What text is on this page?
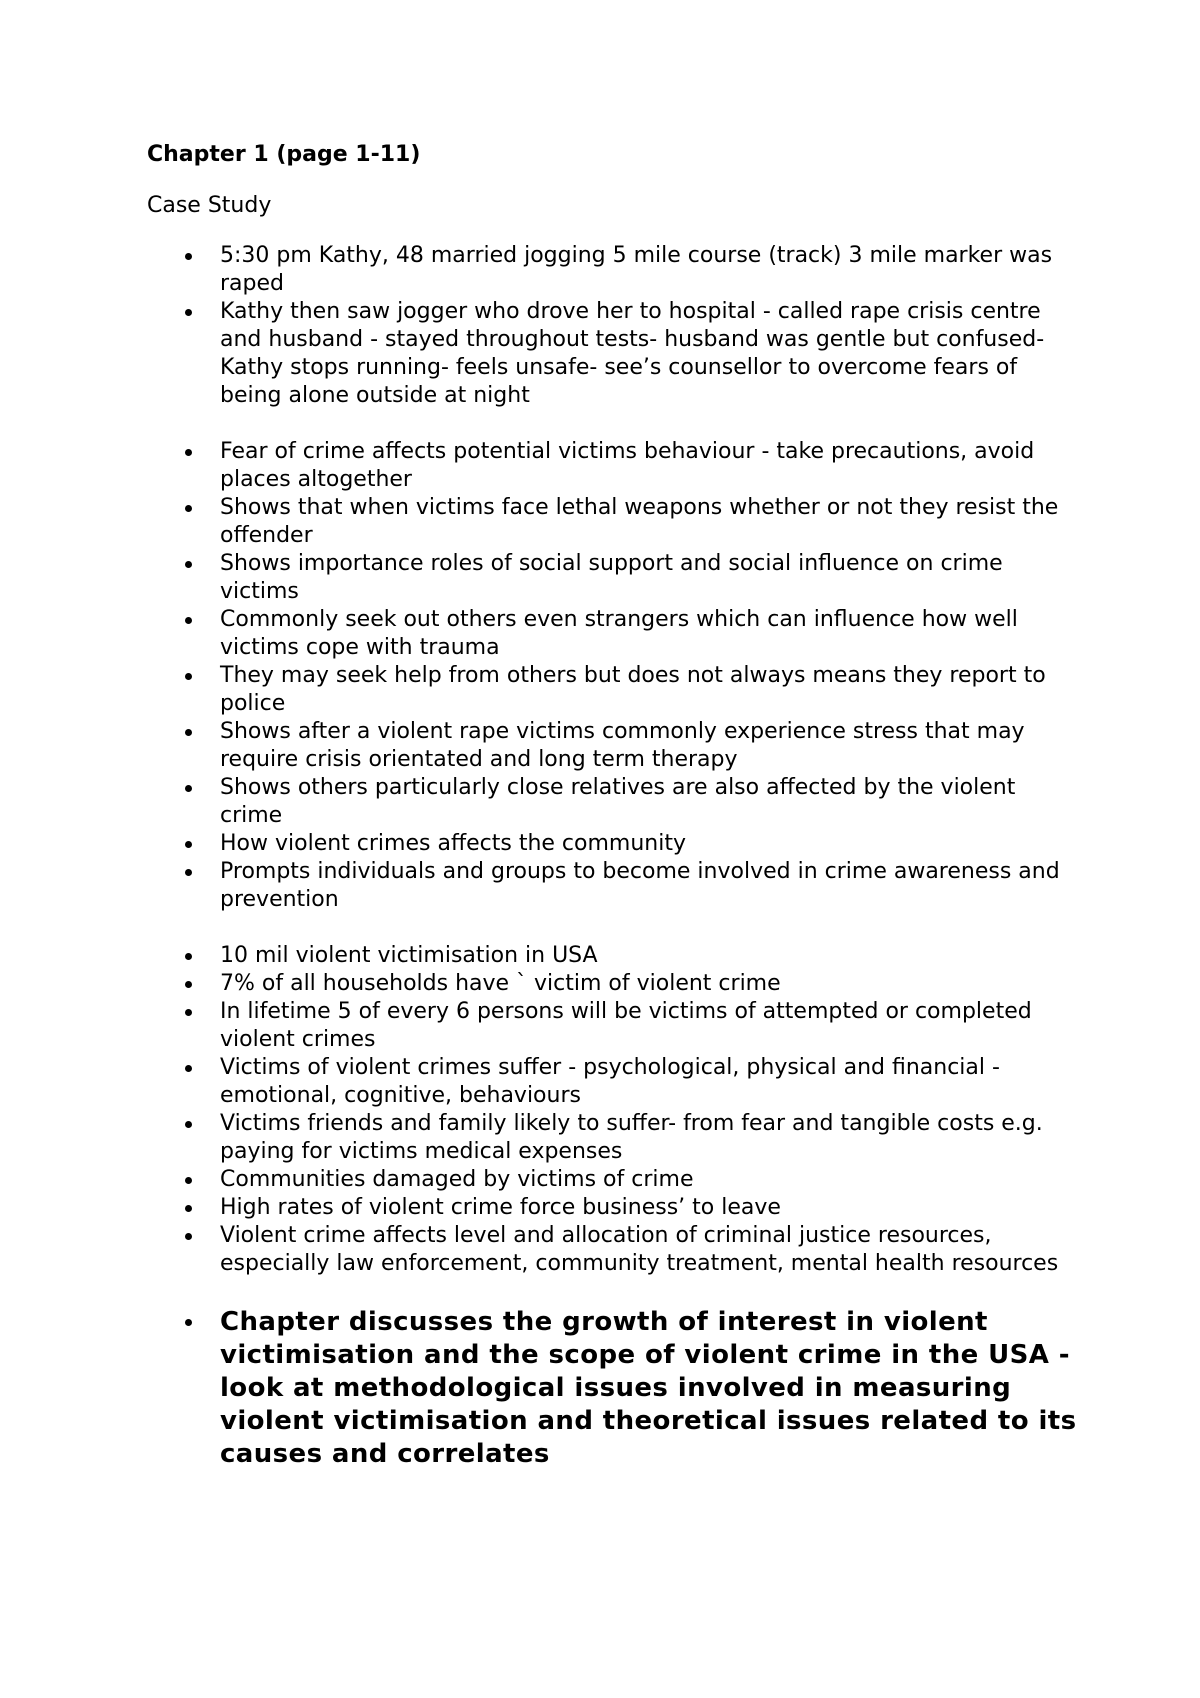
Chapter 1 (page 1-11)
Case Study
5:30 pm Kathy, 48 married jogging 5 mile course (track) 3 mile marker was raped
Kathy then saw jogger who drove her to hospital - called rape crisis centre and husband - stayed throughout tests- husband was gentle but confused- Kathy stops running- feels unsafe- see’s counsellor to overcome fears of being alone outside at night
Fear of crime affects potential victims behaviour - take precautions, avoid places altogether
Shows that when victims face lethal weapons whether or not they resist the offender
Shows importance roles of social support and social influence on crime victims
Commonly seek out others even strangers which can influence how well victims cope with trauma
They may seek help from others but does not always means they report to police
Shows after a violent rape victims commonly experience stress that may require crisis orientated and long term therapy
Shows others particularly close relatives are also affected by the violent crime
How violent crimes affects the community
Prompts individuals and groups to become involved in crime awareness and prevention
10 mil violent victimisation in USA
7% of all households have ` victim of violent crime
In lifetime 5 of every 6 persons will be victims of attempted or completed violent crimes
Victims of violent crimes suffer - psychological, physical and financial - emotional, cognitive, behaviours
Victims friends and family likely to suffer- from fear and tangible costs e.g. paying for victims medical expenses
Communities damaged by victims of crime
High rates of violent crime force business’ to leave
Violent crime affects level and allocation of criminal justice resources, especially law enforcement, community treatment, mental health resources
Chapter discusses the growth of interest in violent victimisation and the scope of violent crime in the USA - look at methodological issues involved in measuring violent victimisation and theoretical issues related to its causes and correlates
